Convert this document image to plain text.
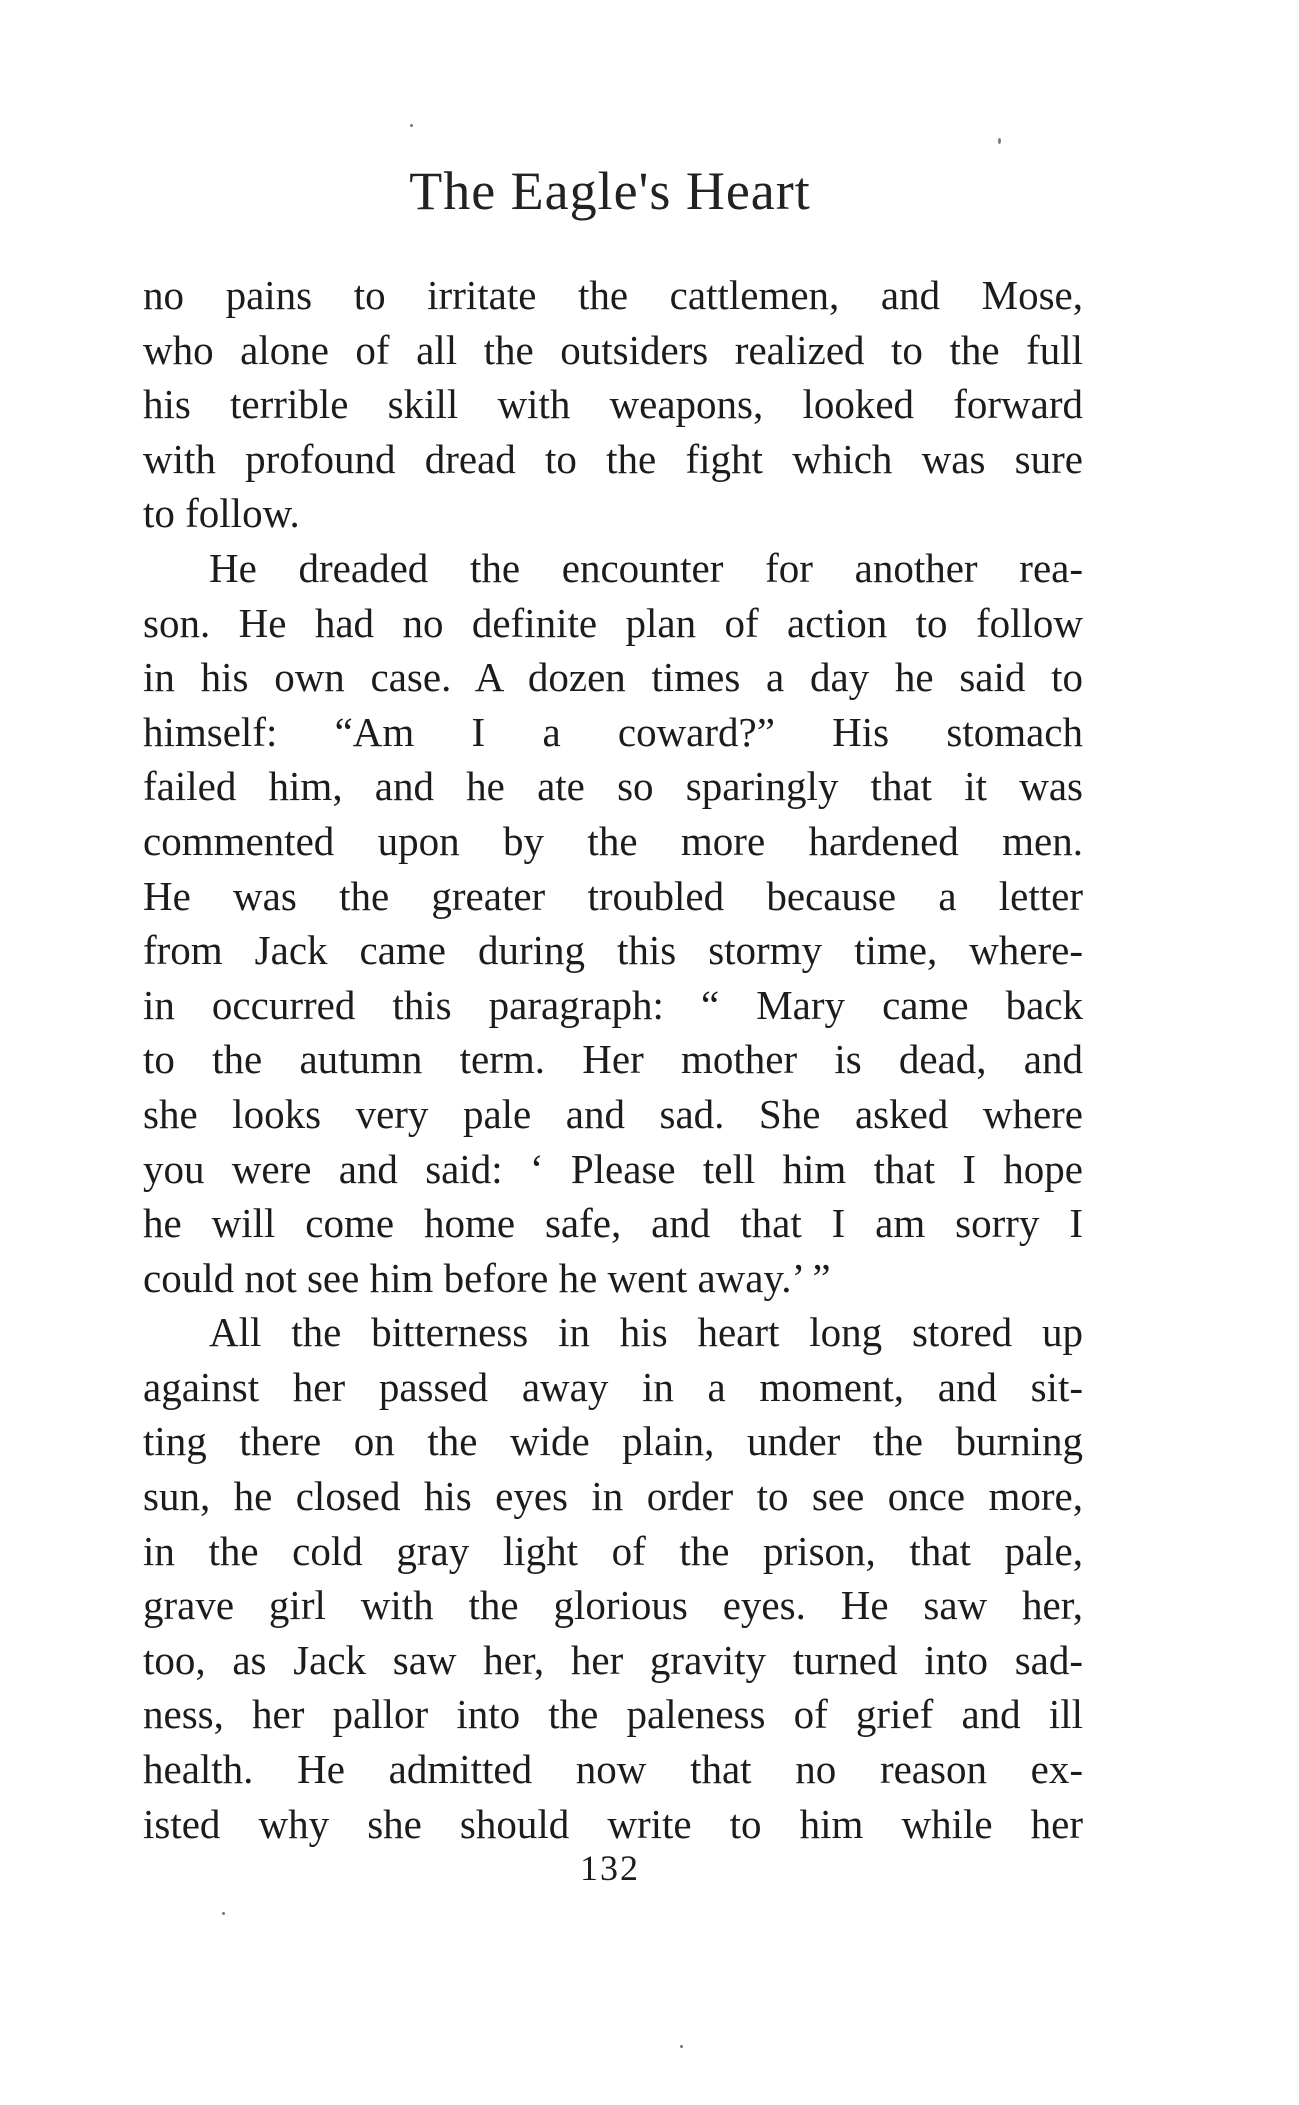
The Eagle's Heart
no pains to irritate the cattlemen, and Mose,
who alone of all the outsiders realized to the full
his terrible skill with weapons, looked forward
with profound dread to the fight which was sure
to follow.
He dreaded the encounter for another rea-
son. He had no definite plan of action to follow
in his own case. A dozen times a day he said to
himself: “Am I a coward?” His stomach
failed him, and he ate so sparingly that it was
commented upon by the more hardened men.
He was the greater troubled because a letter
from Jack came during this stormy time, where-
in occurred this paragraph: “ Mary came back
to the autumn term. Her mother is dead, and
she looks very pale and sad. She asked where
you were and said: ‘ Please tell him that I hope
he will come home safe, and that I am sorry I
could not see him before he went away.’ ”
All the bitterness in his heart long stored up
against her passed away in a moment, and sit-
ting there on the wide plain, under the burning
sun, he closed his eyes in order to see once more,
in the cold gray light of the prison, that pale,
grave girl with the glorious eyes. He saw her,
too, as Jack saw her, her gravity turned into sad-
ness, her pallor into the paleness of grief and ill
health. He admitted now that no reason ex-
isted why she should write to him while her
132
